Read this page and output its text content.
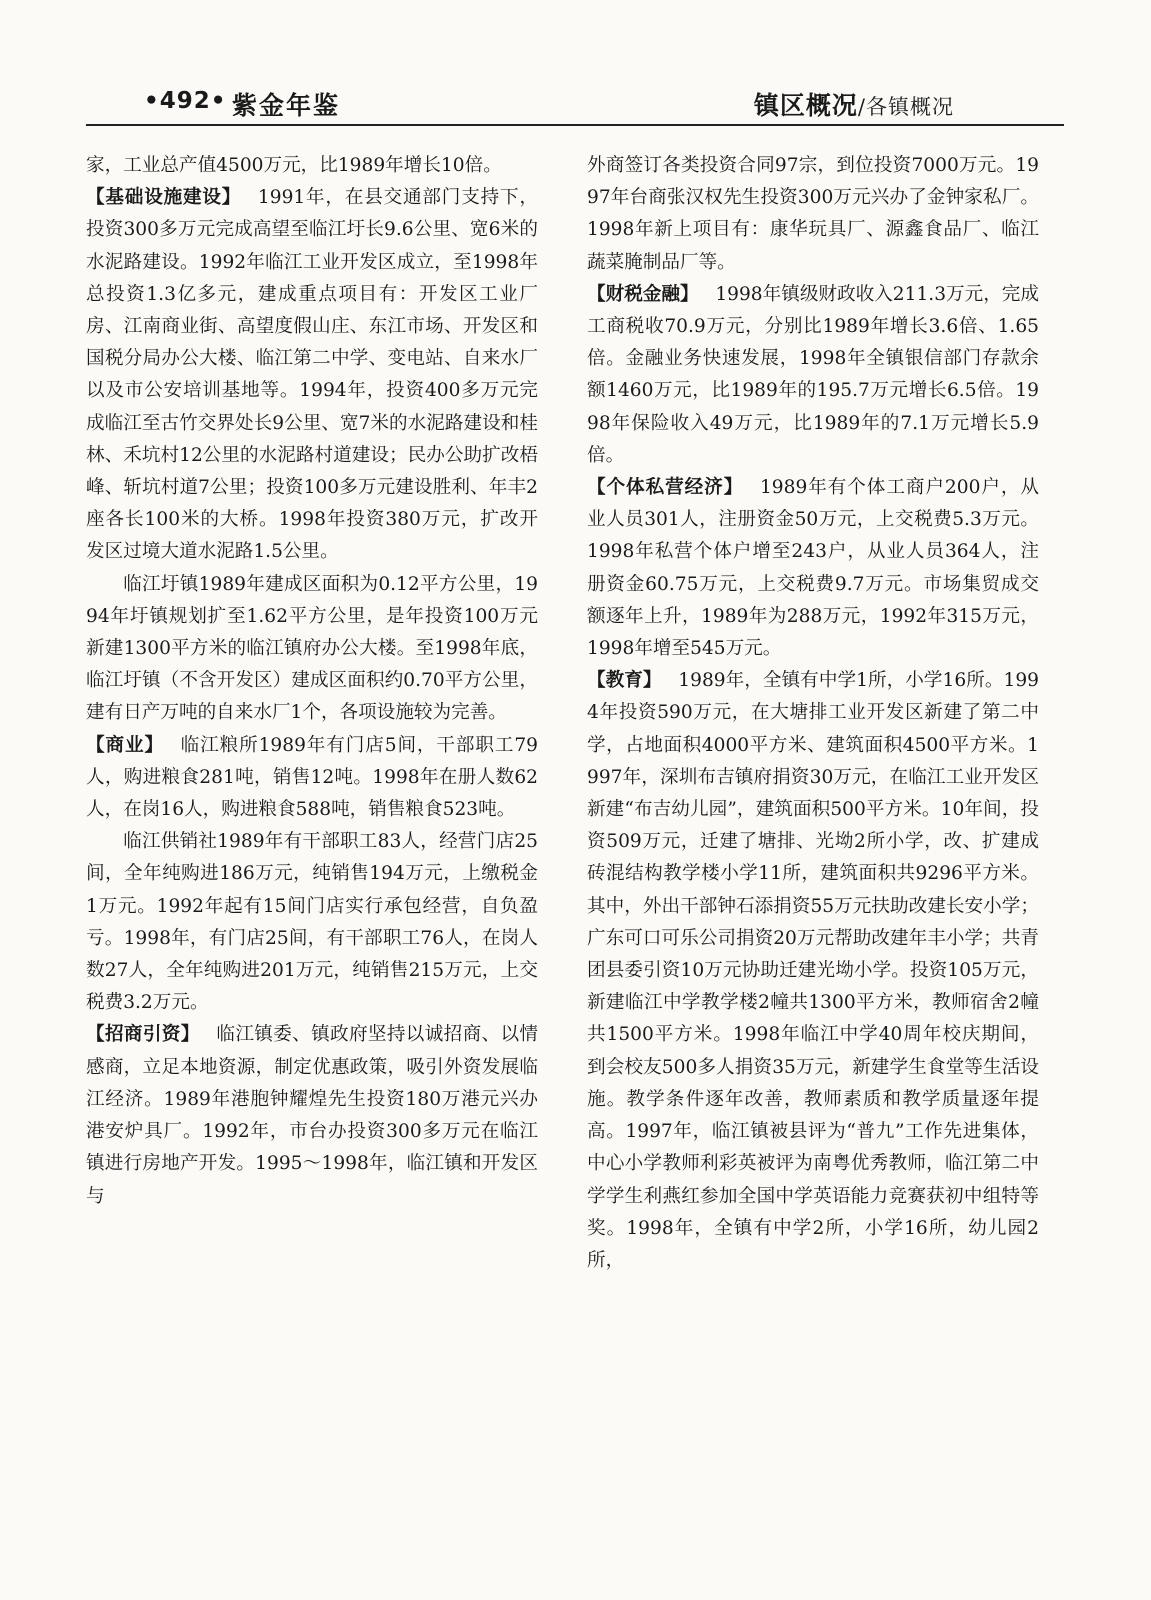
•492• 紫金年鉴	镇区概况/各镇概况

家，工业总产值4500万元，比1989年增长10倍。

【基础设施建设】 1991年，在县交通部门支持下，投资300多万元完成高望至临江圩长9.6公里、宽6米的水泥路建设。1992年临江工业开发区成立，至1998年总投资1.3亿多元，建成重点项目有：开发区工业厂房、江南商业街、高望度假山庄、东江市场、开发区和国税分局办公大楼、临江第二中学、变电站、自来水厂以及市公安培训基地等。1994年，投资400多万元完成临江至古竹交界处长9公里、宽7米的水泥路建设和桂林、禾坑村12公里的水泥路村道建设；民办公助扩改梧峰、斩坑村道7公里；投资100多万元建设胜利、年丰2座各长100米的大桥。1998年投资380万元，扩改开发区过境大道水泥路1.5公里。

临江圩镇1989年建成区面积为0.12平方公里，1994年圩镇规划扩至1.62平方公里，是年投资100万元新建1300平方米的临江镇府办公大楼。至1998年底，临江圩镇（不含开发区）建成区面积约0.70平方公里，建有日产万吨的自来水厂1个，各项设施较为完善。

【商业】 临江粮所1989年有门店5间，干部职工79人，购进粮食281吨，销售12吨。1998年在册人数62人，在岗16人，购进粮食588吨，销售粮食523吨。

临江供销社1989年有干部职工83人，经营门店25间，全年纯购进186万元，纯销售194万元，上缴税金1万元。1992年起有15间门店实行承包经营，自负盈亏。1998年，有门店25间，有干部职工76人，在岗人数27人，全年纯购进201万元，纯销售215万元，上交税费3.2万元。

【招商引资】 临江镇委、镇政府坚持以诚招商、以情感商，立足本地资源，制定优惠政策，吸引外资发展临江经济。1989年港胞钟耀煌先生投资180万港元兴办港安炉具厂。1992年，市台办投资300多万元在临江镇进行房地产开发。1995～1998年，临江镇和开发区与

外商签订各类投资合同97宗，到位投资7000万元。1997年台商张汉权先生投资300万元兴办了金钟家私厂。1998年新上项目有：康华玩具厂、源鑫食品厂、临江蔬菜腌制品厂等。

【财税金融】 1998年镇级财政收入211.3万元，完成工商税收70.9万元，分别比1989年增长3.6倍、1.65倍。金融业务快速发展，1998年全镇银信部门存款余额1460万元，比1989年的195.7万元增长6.5倍。1998年保险收入49万元，比1989年的7.1万元增长5.9倍。

【个体私营经济】 1989年有个体工商户200户，从业人员301人，注册资金50万元，上交税费5.3万元。1998年私营个体户增至243户，从业人员364人，注册资金60.75万元，上交税费9.7万元。市场集贸成交额逐年上升，1989年为288万元，1992年315万元，1998年增至545万元。

【教育】 1989年，全镇有中学1所，小学16所。1994年投资590万元，在大塘排工业开发区新建了第二中学，占地面积4000平方米、建筑面积4500平方米。1997年，深圳布吉镇府捐资30万元，在临江工业开发区新建“布吉幼儿园”，建筑面积500平方米。10年间，投资509万元，迁建了塘排、光坳2所小学，改、扩建成砖混结构教学楼小学11所，建筑面积共9296平方米。其中，外出干部钟石添捐资55万元扶助改建长安小学；广东可口可乐公司捐资20万元帮助改建年丰小学；共青团县委引资10万元协助迁建光坳小学。投资105万元，新建临江中学教学楼2幢共1300平方米，教师宿舍2幢共1500平方米。1998年临江中学40周年校庆期间，到会校友500多人捐资35万元，新建学生食堂等生活设施。教学条件逐年改善，教师素质和教学质量逐年提高。1997年，临江镇被县评为“普九”工作先进集体，中心小学教师利彩英被评为南粤优秀教师，临江第二中学学生利燕红参加全国中学英语能力竞赛获初中组特等奖。1998年，全镇有中学2所，小学16所，幼儿园2所，
